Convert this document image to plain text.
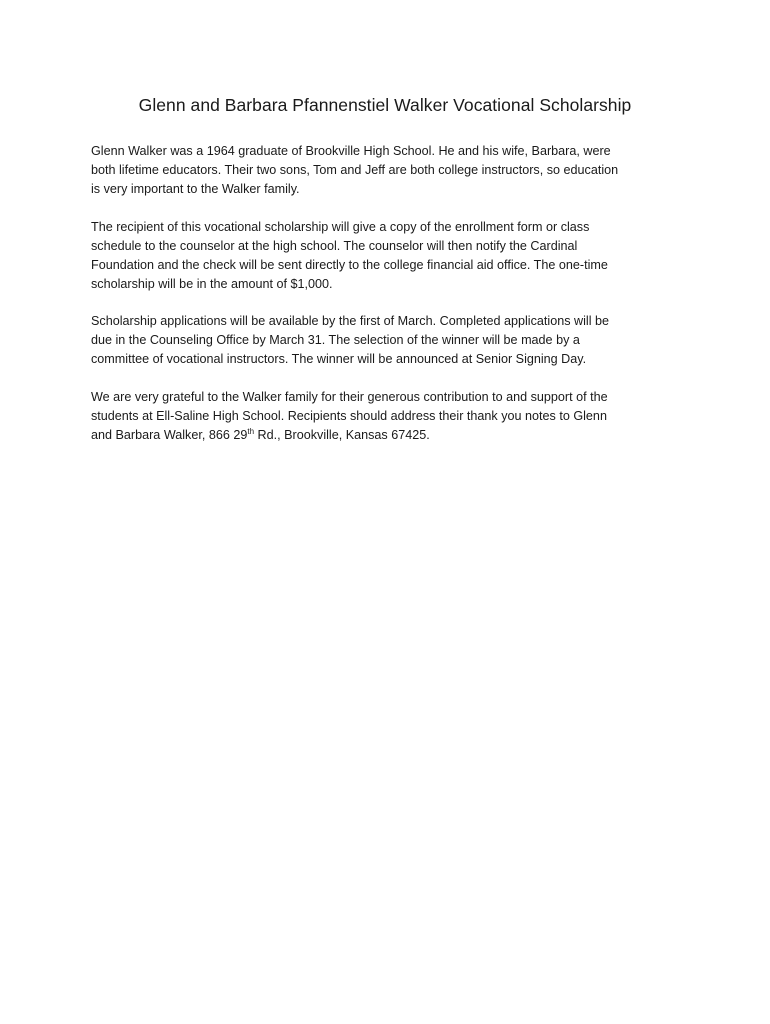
Glenn and Barbara Pfannenstiel Walker Vocational Scholarship

Glenn Walker was a 1964 graduate of Brookville High School. He and his wife, Barbara, were
both lifetime educators. Their two sons, Tom and Jeff are both college instructors, so education
is very important to the Walker family.

The recipient of this vocational scholarship will give a copy of the enrollment form or class
schedule to the counselor at the high school. The counselor will then notify the Cardinal
Foundation and the check will be sent directly to the college financial aid office. The one-time
scholarship will be in the amount of $1,000.

Scholarship applications will be available by the first of March. Completed applications will be
due in the Counseling Office by March 31. The selection of the winner will be made by a
committee of vocational instructors. The winner will be announced at Senior Signing Day.

We are very grateful to the Walker family for their generous contribution to and support of the
students at Ell-Saline High School. Recipients should address their thank you notes to Glenn
and Barbara Walker, 866 29th Rd., Brookville, Kansas 67425.
